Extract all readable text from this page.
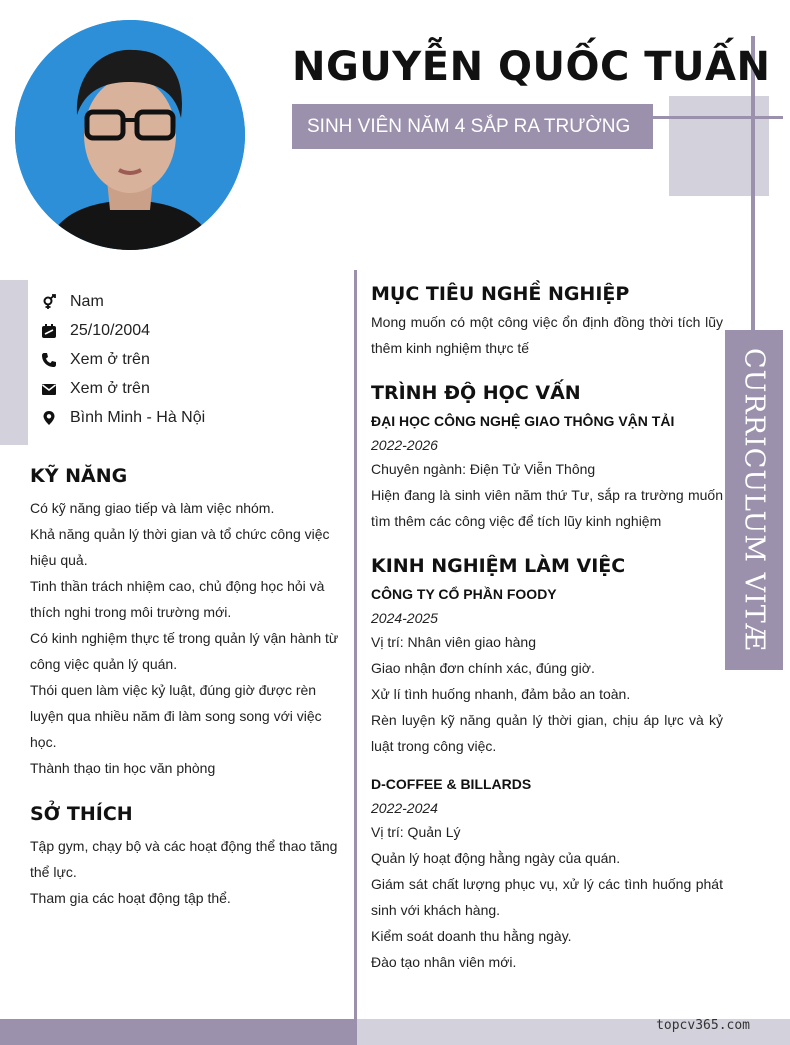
topcv365.com
NGUYỄN QUỐC TUẤN
SINH VIÊN NĂM 4 SẮP RA TRƯỜNG
CURRICULUM VITÆ
Nam
25/10/2004
Xem ở trên
Xem ở trên
Bình Minh - Hà Nội
KỸ NĂNG

Có kỹ năng giao tiếp và làm việc nhóm.

Khả năng quản lý thời gian và tổ chức công việc hiệu quả.

Tinh thần trách nhiệm cao, chủ động học hỏi và thích nghi trong môi trường mới.

Có kinh nghiệm thực tế trong quản lý vận hành từ công việc quản lý quán.

Thói quen làm việc kỷ luật, đúng giờ được rèn luyện qua nhiều năm đi làm song song với việc học.

Thành thạo tin học văn phòng

SỞ THÍCH

Tập gym, chạy bộ và các hoạt động thể thao tăng thể lực.

Tham gia các hoạt động tập thể.

MỤC TIÊU NGHỀ NGHIỆP

Mong muốn có một công việc ổn định đồng thời tích lũy thêm kinh nghiệm thực tế

TRÌNH ĐỘ HỌC VẤN
ĐẠI HỌC CÔNG NGHỆ GIAO THÔNG VẬN TẢI
2022-2026

Chuyên ngành: Điện Tử Viễn Thông

Hiện đang là sinh viên năm thứ Tư, sắp ra trường muốn tìm thêm các công việc để tích lũy kinh nghiệm

KINH NGHIỆM LÀM VIỆC
CÔNG TY CỔ PHẦN FOODY
2024-2025

Vị trí: Nhân viên giao hàng

Giao nhận đơn chính xác, đúng giờ.

Xử lí tình huống nhanh, đảm bảo an toàn.

Rèn luyện kỹ năng quản lý thời gian, chịu áp lực và kỷ luật trong công việc.

D-COFFEE & BILLARDS
2022-2024

Vị trí: Quản Lý

Quản lý hoạt động hằng ngày của quán.

Giám sát chất lượng phục vụ, xử lý các tình huống phát sinh với khách hàng.

Kiểm soát doanh thu hằng ngày.

Đào tạo nhân viên mới.
